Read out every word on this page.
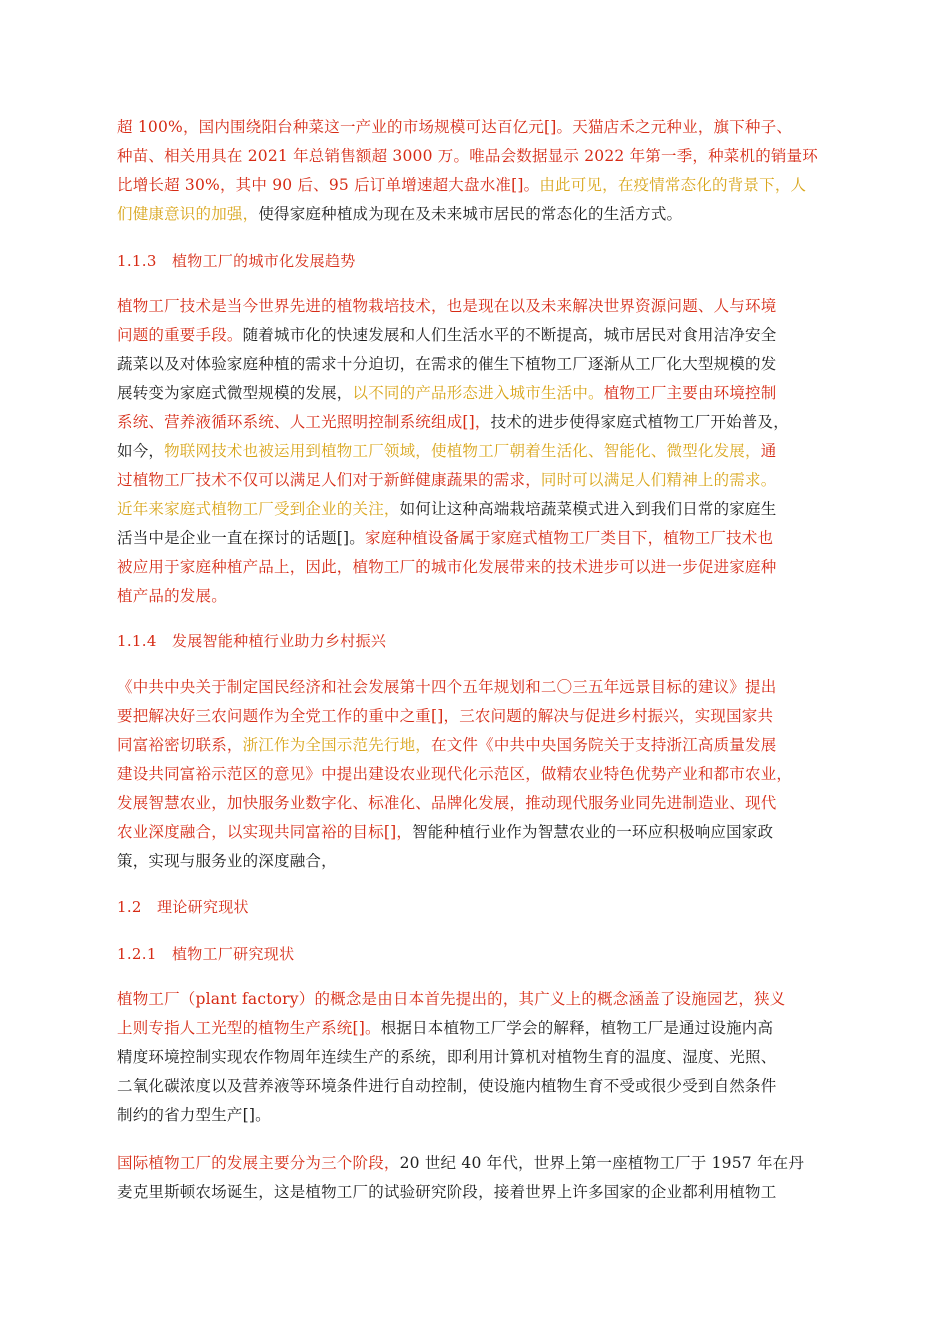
超 100%，国内围绕阳台种菜这一产业的市场规模可达百亿元[]。天猫店禾之元种业，旗下种子、
种苗、相关用具在 2021 年总销售额超 3000 万。唯品会数据显示 2022 年第一季，种菜机的销量环
比增长超 30%，其中 90 后、95 后订单增速超大盘水准[]。由此可见，在疫情常态化的背景下，人
们健康意识的加强，使得家庭种植成为现在及未来城市居民的常态化的生活方式。
1.1.3　植物工厂的城市化发展趋势
植物工厂技术是当今世界先进的植物栽培技术，也是现在以及未来解决世界资源问题、人与环境
问题的重要手段。随着城市化的快速发展和人们生活水平的不断提高，城市居民对食用洁净安全
蔬菜以及对体验家庭种植的需求十分迫切，在需求的催生下植物工厂逐渐从工厂化大型规模的发
展转变为家庭式微型规模的发展，以不同的产品形态进入城市生活中。植物工厂主要由环境控制
系统、营养液循环系统、人工光照明控制系统组成[]，技术的进步使得家庭式植物工厂开始普及，
如今，物联网技术也被运用到植物工厂领域，使植物工厂朝着生活化、智能化、微型化发展，通
过植物工厂技术不仅可以满足人们对于新鲜健康蔬果的需求，同时可以满足人们精神上的需求。
近年来家庭式植物工厂受到企业的关注，如何让这种高端栽培蔬菜模式进入到我们日常的家庭生
活当中是企业一直在探讨的话题[]。家庭种植设备属于家庭式植物工厂类目下，植物工厂技术也
被应用于家庭种植产品上，因此，植物工厂的城市化发展带来的技术进步可以进一步促进家庭种
植产品的发展。
1.1.4　发展智能种植行业助力乡村振兴
《中共中央关于制定国民经济和社会发展第十四个五年规划和二〇三五年远景目标的建议》提出
要把解决好三农问题作为全党工作的重中之重[]，三农问题的解决与促进乡村振兴，实现国家共
同富裕密切联系，浙江作为全国示范先行地，在文件《中共中央国务院关于支持浙江高质量发展
建设共同富裕示范区的意见》中提出建设农业现代化示范区，做精农业特色优势产业和都市农业，
发展智慧农业，加快服务业数字化、标准化、品牌化发展，推动现代服务业同先进制造业、现代
农业深度融合，以实现共同富裕的目标[]，智能种植行业作为智慧农业的一环应积极响应国家政
策，实现与服务业的深度融合，
1.2　理论研究现状
1.2.1　植物工厂研究现状
植物工厂（plant factory）的概念是由日本首先提出的，其广义上的概念涵盖了设施园艺，狭义
上则专指人工光型的植物生产系统[]。根据日本植物工厂学会的解释，植物工厂是通过设施内高
精度环境控制实现农作物周年连续生产的系统，即利用计算机对植物生育的温度、湿度、光照、
二氧化碳浓度以及营养液等环境条件进行自动控制，使设施内植物生育不受或很少受到自然条件
制约的省力型生产[]。
国际植物工厂的发展主要分为三个阶段，20 世纪 40 年代，世界上第一座植物工厂于 1957 年在丹
麦克里斯顿农场诞生，这是植物工厂的试验研究阶段，接着世界上许多国家的企业都利用植物工
